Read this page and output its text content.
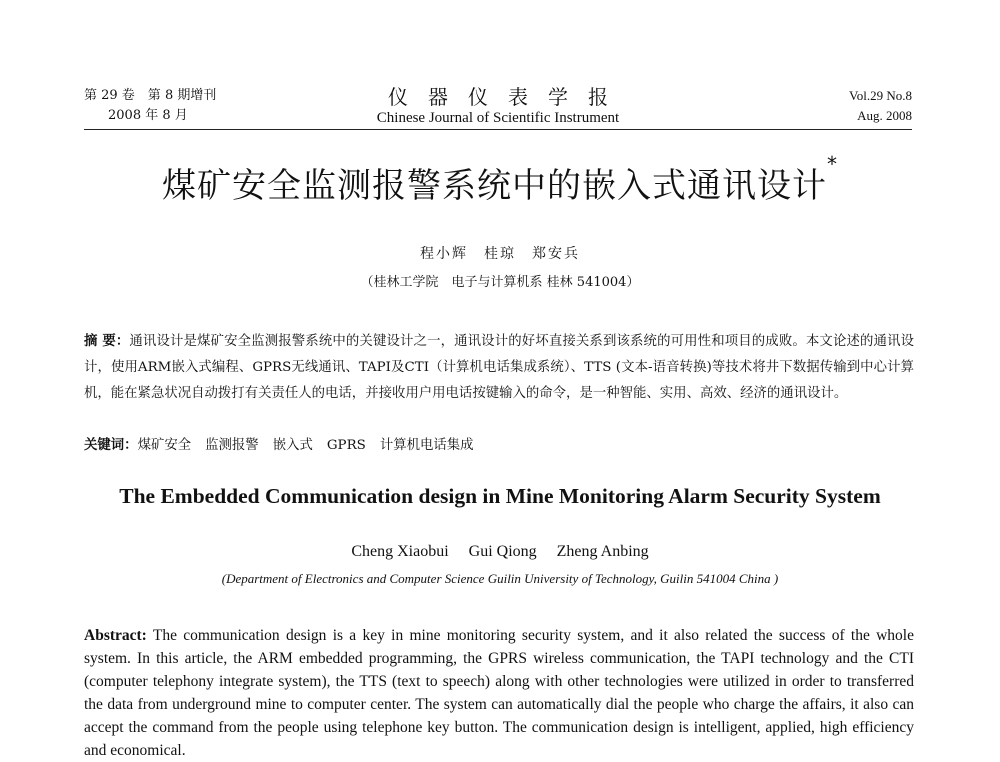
第 29 卷　第 8 期增刊
2008 年 8 月
仪器仪表学报
Chinese Journal of Scientific Instrument
Vol.29 No.8
Aug. 2008
煤矿安全监测报警系统中的嵌入式通讯设计*
程小辉　桂琼　郑安兵
（桂林工学院　电子与计算机系 桂林 541004）
摘 要：通讯设计是煤矿安全监测报警系统中的关键设计之一，通讯设计的好坏直接关系到该系统的可用性和项目的成败。本文论述的通讯设计，使用ARM嵌入式编程、GPRS无线通讯、TAPI及CTI（计算机电话集成系统）、TTS (文本-语音转换)等技术将井下数据传输到中心计算机，能在紧急状况自动拨打有关责任人的电话，并接收用户用电话按键输入的命令，是一种智能、实用、高效、经济的通讯设计。
关键词：煤矿安全 监测报警 嵌入式 GPRS 计算机电话集成
The Embedded Communication design in Mine Monitoring Alarm Security System
Cheng Xiaobui Gui Qiong Zheng Anbing
(Department of Electronics and Computer Science Guilin University of Technology, Guilin 541004 China )
Abstract: The communication design is a key in mine monitoring security system, and it also related the success of the whole system. In this article, the ARM embedded programming, the GPRS wireless communication, the TAPI technology and the CTI (computer telephony integrate system), the TTS (text to speech) along with other technologies were utilized in order to transferred the data from underground mine to computer center. The system can automatically dial the people who charge the affairs, it also can accept the command from the people using telephone key button. The communication design is intelligent, applied, high efficiency and economical.
